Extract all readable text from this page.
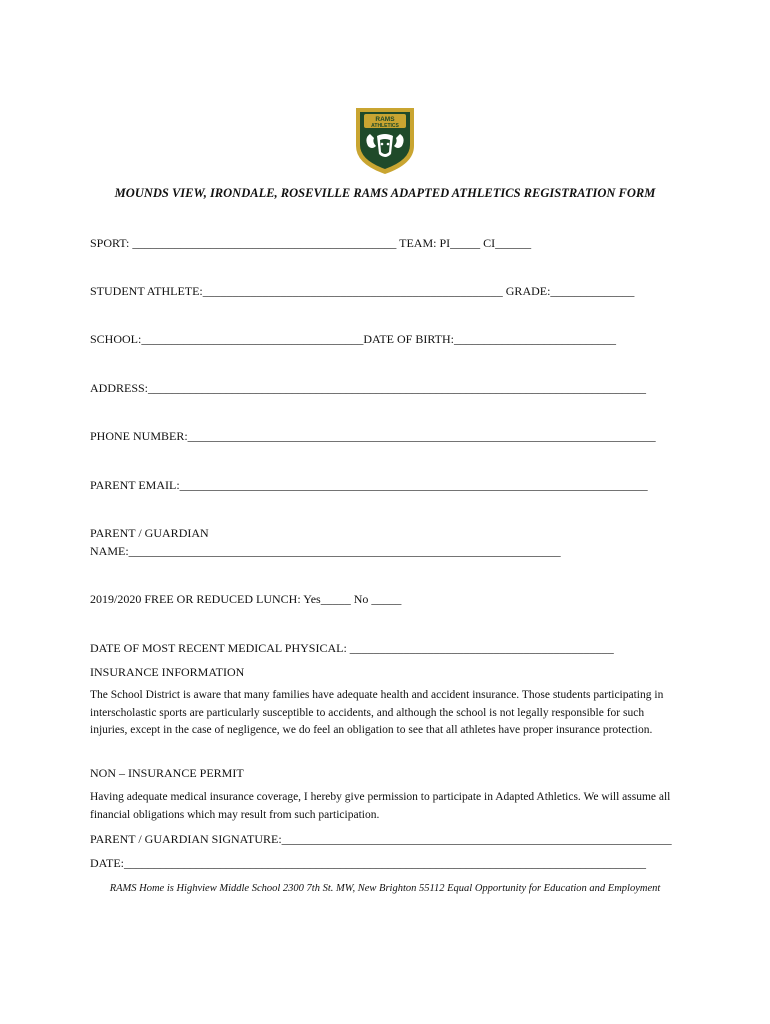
RAMS
ATHLETICS
MOUNDS VIEW, IRONDALE, ROSEVILLE RAMS ADAPTED ATHLETICS REGISTRATION FORM
SPORT: ____________________________________________ TEAM: PI_____ CI______
STUDENT ATHLETE:__________________________________________________ GRADE:______________
SCHOOL:_____________________________________DATE OF BIRTH:___________________________
ADDRESS:___________________________________________________________________________________
PHONE NUMBER:______________________________________________________________________________
PARENT EMAIL:______________________________________________________________________________
PARENT / GUARDIAN
NAME:________________________________________________________________________
2019/2020 FREE OR REDUCED LUNCH: Yes_____ No _____
DATE OF MOST RECENT MEDICAL PHYSICAL: ____________________________________________
INSURANCE INFORMATION
The School District is aware that many families have adequate health and accident insurance. Those students participating in interscholastic sports are particularly susceptible to accidents, and although the school is not legally responsible for such injuries, except in the case of negligence, we do feel an obligation to see that all athletes have proper insurance protection.
NON – INSURANCE PERMIT
Having adequate medical insurance coverage, I hereby give permission to participate in Adapted Athletics. We will assume all financial obligations which may result from such participation.
PARENT / GUARDIAN SIGNATURE:_________________________________________________________________
DATE:_______________________________________________________________________________________
RAMS Home is Highview Middle School 2300 7th St. MW, New Brighton 55112 Equal Opportunity for Education and Employment
